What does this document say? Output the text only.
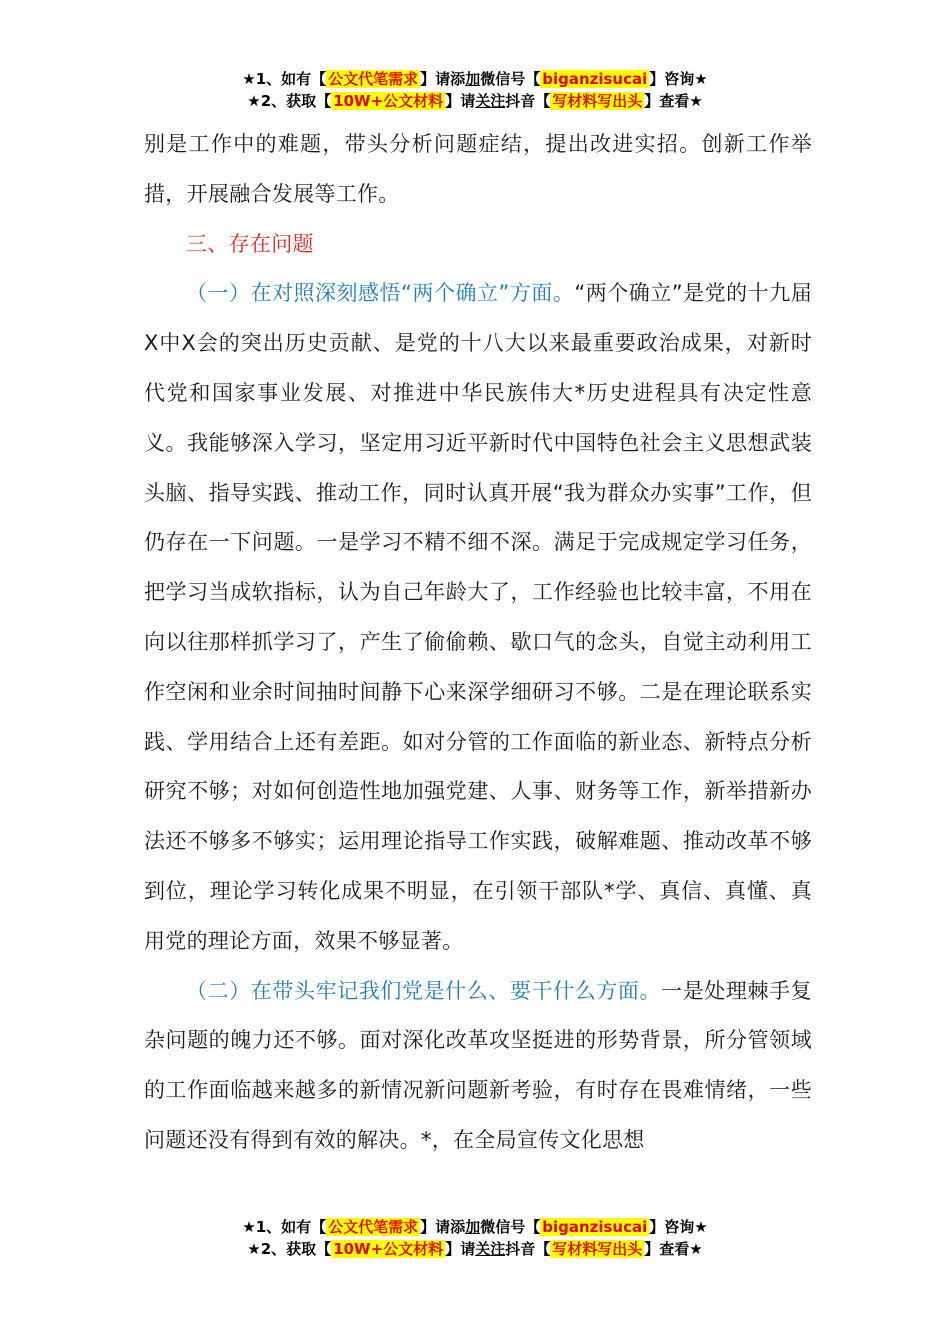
★1、如有【 公文代笔需求 】请添加微信号【 biganzisucai 】咨询★
★2、获取【 10W+公文材料 】请关注抖音【 写材料写出头 】查看★

别是工作中的难题，带头分析问题症结，提出改进实招。创新工作举措，开展融合发展等工作。

三、存在问题

（一）在对照深刻感悟“两个确立”方面。“两个确立”是党的十九届Ⅹ中Ⅹ会的突出历史贡献、是党的十八大以来最重要政治成果，对新时代党和国家事业发展、对推进中华民族伟大*历史进程具有决定性意义。我能够深入学习，坚定用习近平新时代中国特色社会主义思想武装头脑、指导实践、推动工作，同时认真开展“我为群众办实事”工作，但仍存在一下问题。一是学习不精不细不深。满足于完成规定学习任务，把学习当成软指标，认为自己年龄大了，工作经验也比较丰富，不用在向以往那样抓学习了，产生了偷偷赖、歇口气的念头，自觉主动利用工作空闲和业余时间抽时间静下心来深学细研习不够。二是在理论联系实践、学用结合上还有差距。如对分管的工作面临的新业态、新特点分析研究不够；对如何创造性地加强党建、人事、财务等工作，新举措新办法还不够多不够实；运用理论指导工作实践，破解难题、推动改革不够到位，理论学习转化成果不明显，在引领干部队*学、真信、真懂、真用党的理论方面，效果不够显著。

（二）在带头牢记我们党是什么、要干什么方面。一是处理棘手复杂问题的魄力还不够。面对深化改革攻坚挺进的形势背景，所分管领域的工作面临越来越多的新情况新问题新考验，有时存在畏难情绪，一些问题还没有得到有效的解决。*，在全局宣传文化思想

★1、如有【 公文代笔需求 】请添加微信号【 biganzisucai 】咨询★
★2、获取【 10W+公文材料 】请关注抖音【 写材料写出头 】查看★
